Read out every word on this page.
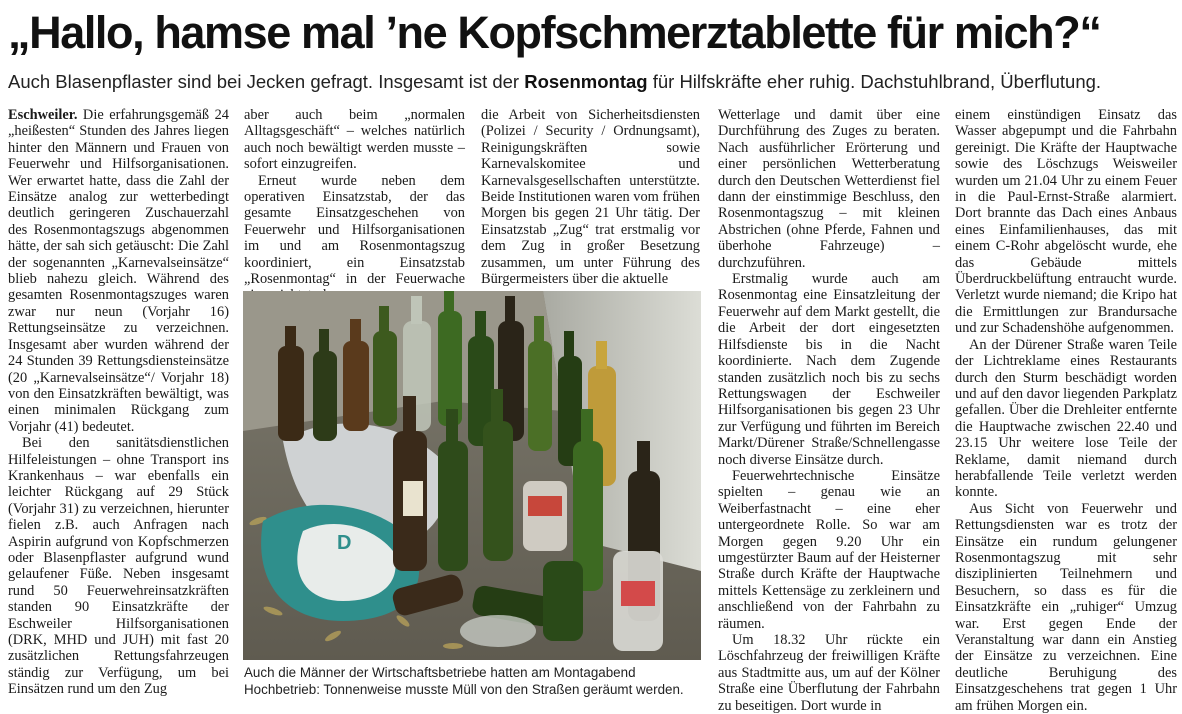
„Hallo, hamse mal ’ne Kopfschmerztablette für mich?“
Auch Blasenpflaster sind bei Jecken gefragt. Insgesamt ist der Rosenmontag für Hilfskräfte eher ruhig. Dachstuhlbrand, Überflutung.

Eschweiler. Die erfahrungsgemäß 24 „heißesten“ Stunden des Jahres liegen hinter den Männern und Frauen von Feuerwehr und Hilfsorganisationen. Wer erwartet hatte, dass die Zahl der Einsätze analog zur wetterbedingt deutlich geringeren Zuschauerzahl des Rosenmontagszugs abgenommen hätte, der sah sich getäuscht: Die Zahl der sogenannten „Karnevalseinsätze“ blieb nahezu gleich. Während des gesamten Rosenmontagszuges waren zwar nur neun (Vorjahr 16) Rettungseinsätze zu verzeichnen. Insgesamt aber wurden während der 24 Stunden 39 Rettungsdiensteinsätze (20 „Karnevalseinsätze“/ Vorjahr 18) von den Einsatzkräften bewältigt, was einen minimalen Rückgang zum Vorjahr (41) bedeutet.

Bei den sanitätsdienstlichen Hilfeleistungen – ohne Transport ins Krankenhaus – war ebenfalls ein leichter Rückgang auf 29 Stück (Vorjahr 31) zu verzeichnen, hierunter fielen z.B. auch Anfragen nach Aspirin aufgrund von Kopfschmerzen oder Blasenpflaster aufgrund wund gelaufener Füße. Neben insgesamt rund 50 Feuerwehreinsatzkräften standen 90 Einsatzkräfte der Eschweiler Hilfsorganisationen (DRK, MHD und JUH) mit fast 20 zusätzlichen Rettungsfahrzeugen ständig zur Verfügung, um bei Einsätzen rund um den Zug

aber auch beim „normalen Alltagsgeschäft“ – welches natürlich auch noch bewältigt werden musste – sofort einzugreifen.

Erneut wurde neben dem operativen Einsatzstab, der das gesamte Einsatzgeschehen von Feuerwehr und Hilfsorganisationen im und am Rosenmontagszug koordiniert, ein Einsatzstab „Rosenmontag“ in der Feuerwache

die Arbeit von Sicherheitsdiensten (Polizei / Security / Ordnungsamt), Reinigungskräften sowie Karnevalskomitee und Karnevalsgesellschaften unterstützte. Beide Institutionen waren vom frühen Morgen bis gegen 21 Uhr tätig. Der Einsatzstab „Zug“ trat erstmalig vor dem Zug in großer Besetzung zusammen, um unter Führung des Bürgermeisters über die aktuelle

Wetterlage und damit über eine Durchführung des Zuges zu beraten. Nach ausführlicher Erörterung und einer persönlichen Wetterberatung durch den Deutschen Wetterdienst fiel dann der einstimmige Beschluss, den Rosenmontagszug – mit kleinen Abstrichen (ohne Pferde, Fahnen und überhohe Fahrzeuge) – durchzuführen.

Erstmalig wurde auch am Rosenmontag eine Einsatzleitung der Feuerwehr auf dem Markt gestellt, die die Arbeit der dort eingesetzten Hilfsdienste bis in die Nacht koordinierte. Nach dem Zugende standen zusätzlich noch bis zu sechs Rettungswagen der Eschweiler Hilfsorganisationen bis gegen 23 Uhr zur Verfügung und führten im Bereich Markt/Dürener Straße/Schnellengasse noch diverse Einsätze durch.

Feuerwehrtechnische Einsätze spielten – genau wie an Weiberfastnacht – eine eher untergeordnete Rolle. So war am Morgen gegen 9.20 Uhr ein umgestürzter Baum auf der Heisterner Straße durch Kräfte der Hauptwache mittels Kettensäge zu zerkleinern und anschließend von der Fahrbahn zu räumen.

Um 18.32 Uhr rückte ein Löschfahrzeug der freiwilligen Kräfte aus Stadtmitte aus, um auf der Kölner Straße eine Überflutung der Fahrbahn zu beseitigen. Dort wurde in

einem einstündigen Einsatz das Wasser abgepumpt und die Fahrbahn gereinigt. Die Kräfte der Hauptwache sowie des Löschzugs Weisweiler wurden um 21.04 Uhr zu einem Feuer in die Paul-Ernst-Straße alarmiert. Dort brannte das Dach eines Anbaus eines Einfamilienhauses, das mit einem C-Rohr abgelöscht wurde, ehe das Gebäude mittels Überdruckbelüftung entraucht wurde. Verletzt wurde niemand; die Kripo hat die Ermittlungen zur Brandursache und zur Schadenshöhe aufgenommen.

An der Dürener Straße waren Teile der Lichtreklame eines Restaurants durch den Sturm beschädigt worden und auf den davor liegenden Parkplatz gefallen. Über die Drehleiter entfernte die Hauptwache zwischen 22.40 und 23.15 Uhr weitere lose Teile der Reklame, damit niemand durch herabfallende Teile verletzt werden konnte.

Aus Sicht von Feuerwehr und Rettungsdiensten war es trotz der Einsätze ein rundum gelungener Rosenmontagszug mit sehr disziplinierten Teilnehmern und Besuchern, so dass es für die Einsatzkräfte ein „ruhiger“ Umzug war. Erst gegen Ende der Veranstaltung war dann ein Anstieg der Einsätze zu verzeichnen. Eine deutliche Beruhigung des Einsatzgeschehens trat gegen 1 Uhr am frühen Morgen ein.

D
Auch die Männer der Wirtschaftsbetriebe hatten am Montagabend Hochbetrieb: Tonnenweise musste Müll von den Straßen geräumt werden.
